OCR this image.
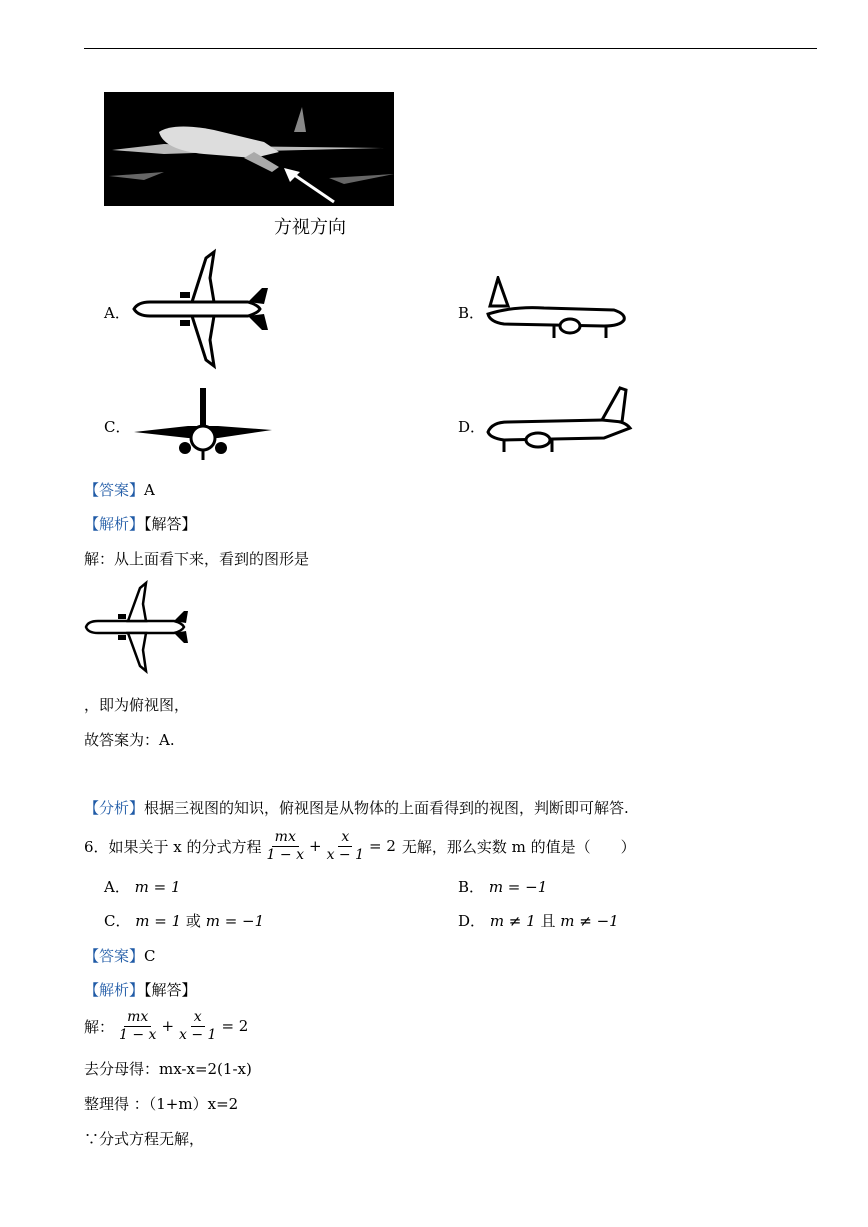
方视方向
A．	B．
C．	D．
【答案】A
【解析】【解答】
解：从上面看下来，看到的图形是
，即为俯视图，
故答案为：A.
【分析】根据三视图的知识，俯视图是从物体的上面看得到的视图，判断即可解答.
6．如果关于 x 的分式方程 $\frac{mx}{1 - x} + \frac{x}{x - 1} = 2$ 无解，那么实数 m 的值是（　　）
A． m = 1	B． m = −1
C． m = 1 或 m = −1	D． m ≠ 1 且 m ≠ −1
【答案】C
【解析】【解答】
解： $\frac{mx}{1 - x} + \frac{x}{x - 1} = 2$
去分母得：mx-x=2(1-x)
整理得 ：（1+m）x=2
∵分式方程无解，
